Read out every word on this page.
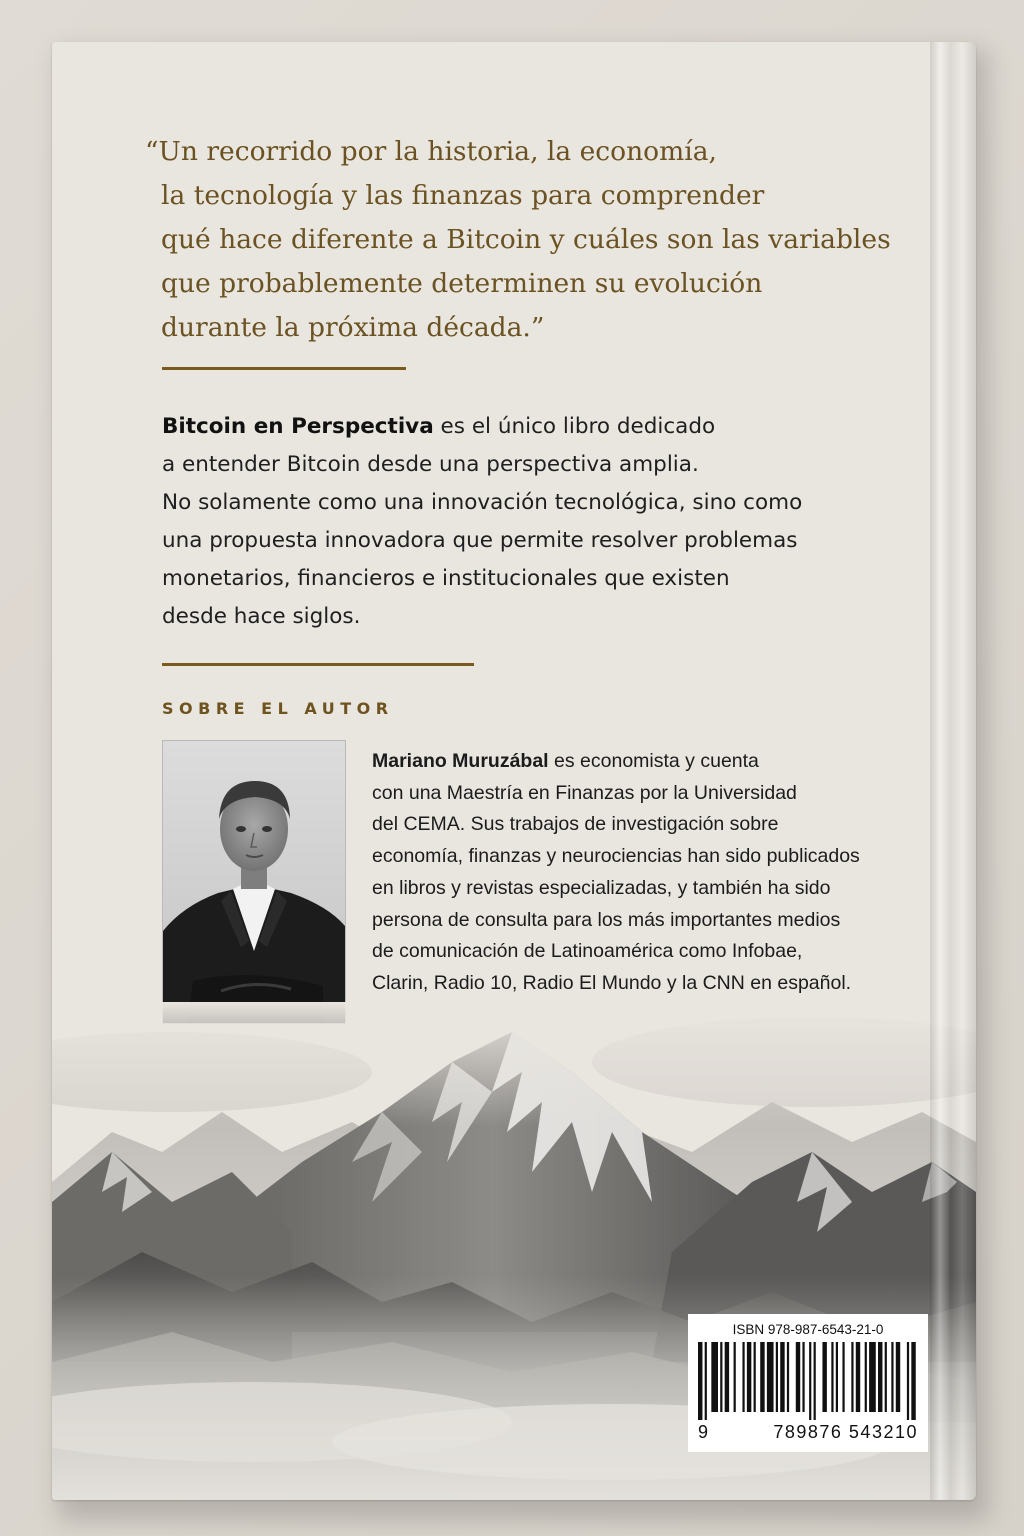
“Un recorrido por la historia, la economía,
la tecnología y las finanzas para comprender
qué hace diferente a Bitcoin y cuáles son las variables
que probablemente determinen su evolución
durante la próxima década.”
Bitcoin en Perspectiva es el único libro dedicado
a entender Bitcoin desde una perspectiva amplia.
No solamente como una innovación tecnológica, sino como
una propuesta innovadora que permite resolver problemas
monetarios, financieros e institucionales que existen
desde hace siglos.
SOBRE EL AUTOR
Mariano Muruzábal es economista y cuenta
con una Maestría en Finanzas por la Universidad
del CEMA. Sus trabajos de investigación sobre
economía, finanzas y neurociencias han sido publicados
en libros y revistas especializadas, y también ha sido
persona de consulta para los más importantes medios
de comunicación de Latinoamérica como Infobae,
Clarin, Radio 10, Radio El Mundo y la CNN en español.
ISBN 978-987-6543-21-0
9	789876 543210
